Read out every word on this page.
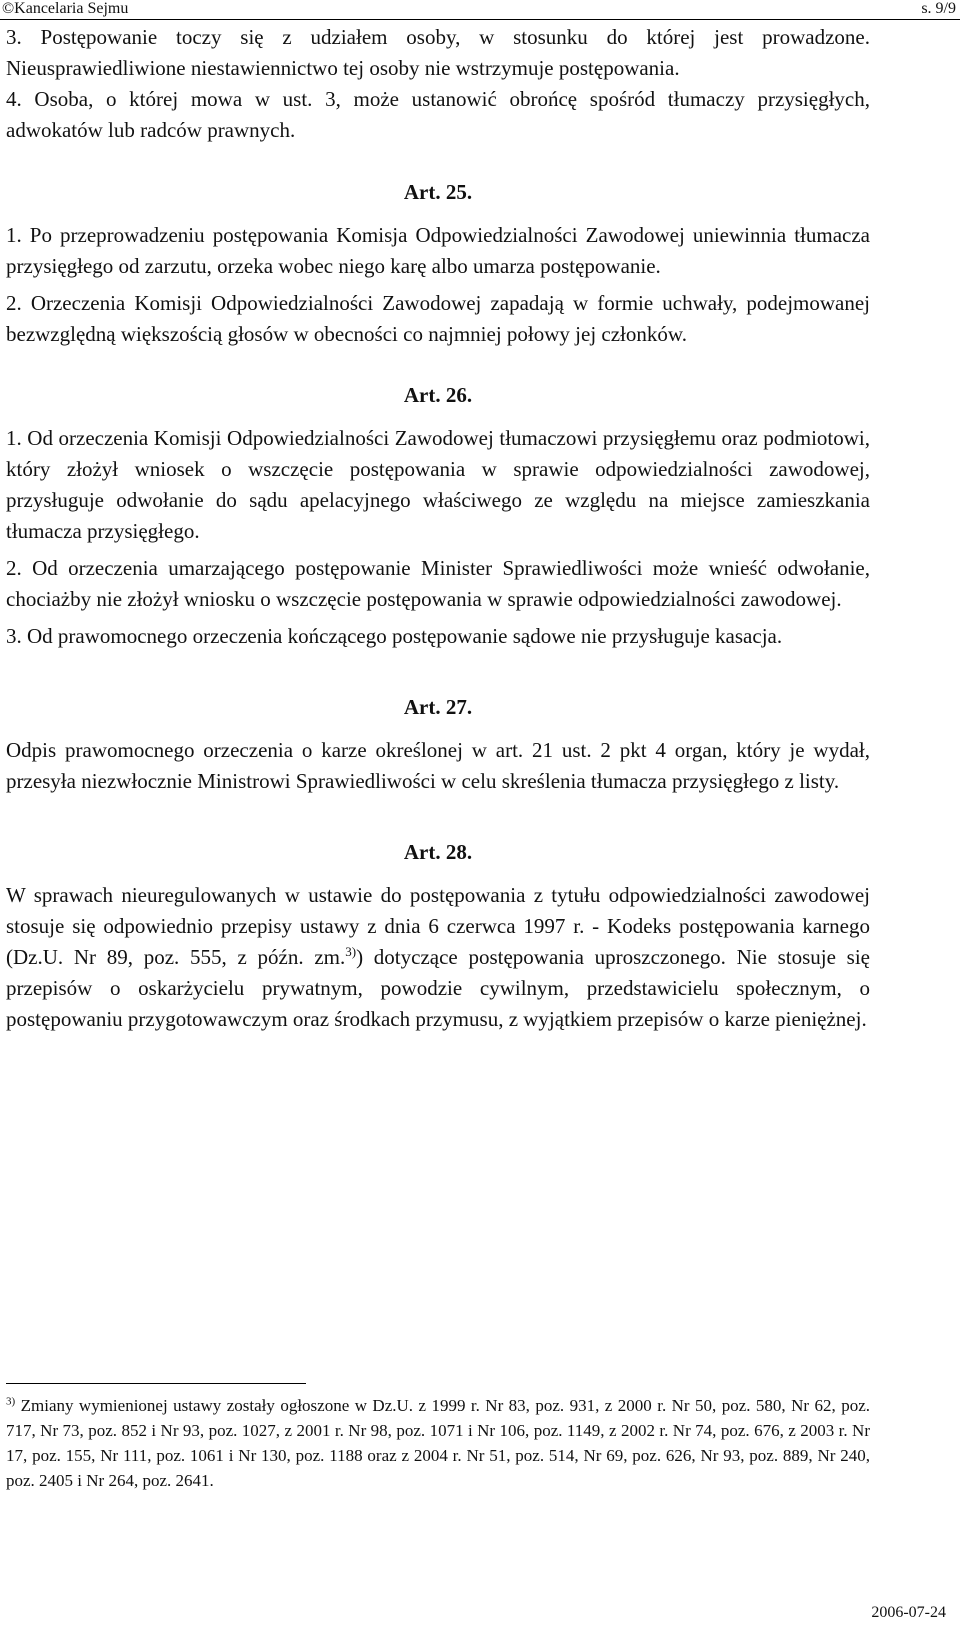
©Kancelaria Sejmu	s. 9/9

3. Postępowanie toczy się z udziałem osoby, w stosunku do której jest prowadzone. Nieusprawiedliwione niestawiennictwo tej osoby nie wstrzymuje postępowania.

4. Osoba, o której mowa w ust. 3, może ustanowić obrońcę spośród tłumaczy przysięgłych, adwokatów lub radców prawnych.

Art. 25.

1. Po przeprowadzeniu postępowania Komisja Odpowiedzialności Zawodowej uniewinnia tłumacza przysięgłego od zarzutu, orzeka wobec niego karę albo umarza postępowanie.

2. Orzeczenia Komisji Odpowiedzialności Zawodowej zapadają w formie uchwały, podejmowanej bezwzględną większością głosów w obecności co najmniej połowy jej członków.

Art. 26.

1. Od orzeczenia Komisji Odpowiedzialności Zawodowej tłumaczowi przysięgłemu oraz podmiotowi, który złożył wniosek o wszczęcie postępowania w sprawie odpowiedzialności zawodowej, przysługuje odwołanie do sądu apelacyjnego właściwego ze względu na miejsce zamieszkania tłumacza przysięgłego.

2. Od orzeczenia umarzającego postępowanie Minister Sprawiedliwości może wnieść odwołanie, chociażby nie złożył wniosku o wszczęcie postępowania w sprawie odpowiedzialności zawodowej.

3. Od prawomocnego orzeczenia kończącego postępowanie sądowe nie przysługuje kasacja.

Art. 27.

Odpis prawomocnego orzeczenia o karze określonej w art. 21 ust. 2 pkt 4 organ, który je wydał, przesyła niezwłocznie Ministrowi Sprawiedliwości w celu skreślenia tłumacza przysięgłego z listy.

Art. 28.

W sprawach nieuregulowanych w ustawie do postępowania z tytułu odpowiedzialności zawodowej stosuje się odpowiednio przepisy ustawy z dnia 6 czerwca 1997 r. - Kodeks postępowania karnego (Dz.U. Nr 89, poz. 555, z późn. zm.$^{3)}$) dotyczące postępowania uproszczonego. Nie stosuje się przepisów o oskarżycielu prywatnym, powodzie cywilnym, przedstawicielu społecznym, o postępowaniu przygotowawczym oraz środkach przymusu, z wyjątkiem przepisów o karze pieniężnej.

$^{3)}$ Zmiany wymienionej ustawy zostały ogłoszone w Dz.U. z 1999 r. Nr 83, poz. 931, z 2000 r. Nr 50, poz. 580, Nr 62, poz. 717, Nr 73, poz. 852 i Nr 93, poz. 1027, z 2001 r. Nr 98, poz. 1071 i Nr 106, poz. 1149, z 2002 r. Nr 74, poz. 676, z 2003 r. Nr 17, poz. 155, Nr 111, poz. 1061 i Nr 130, poz. 1188 oraz z 2004 r. Nr 51, poz. 514, Nr 69, poz. 626, Nr 93, poz. 889, Nr 240, poz. 2405 i Nr 264, poz. 2641.
2006-07-24
